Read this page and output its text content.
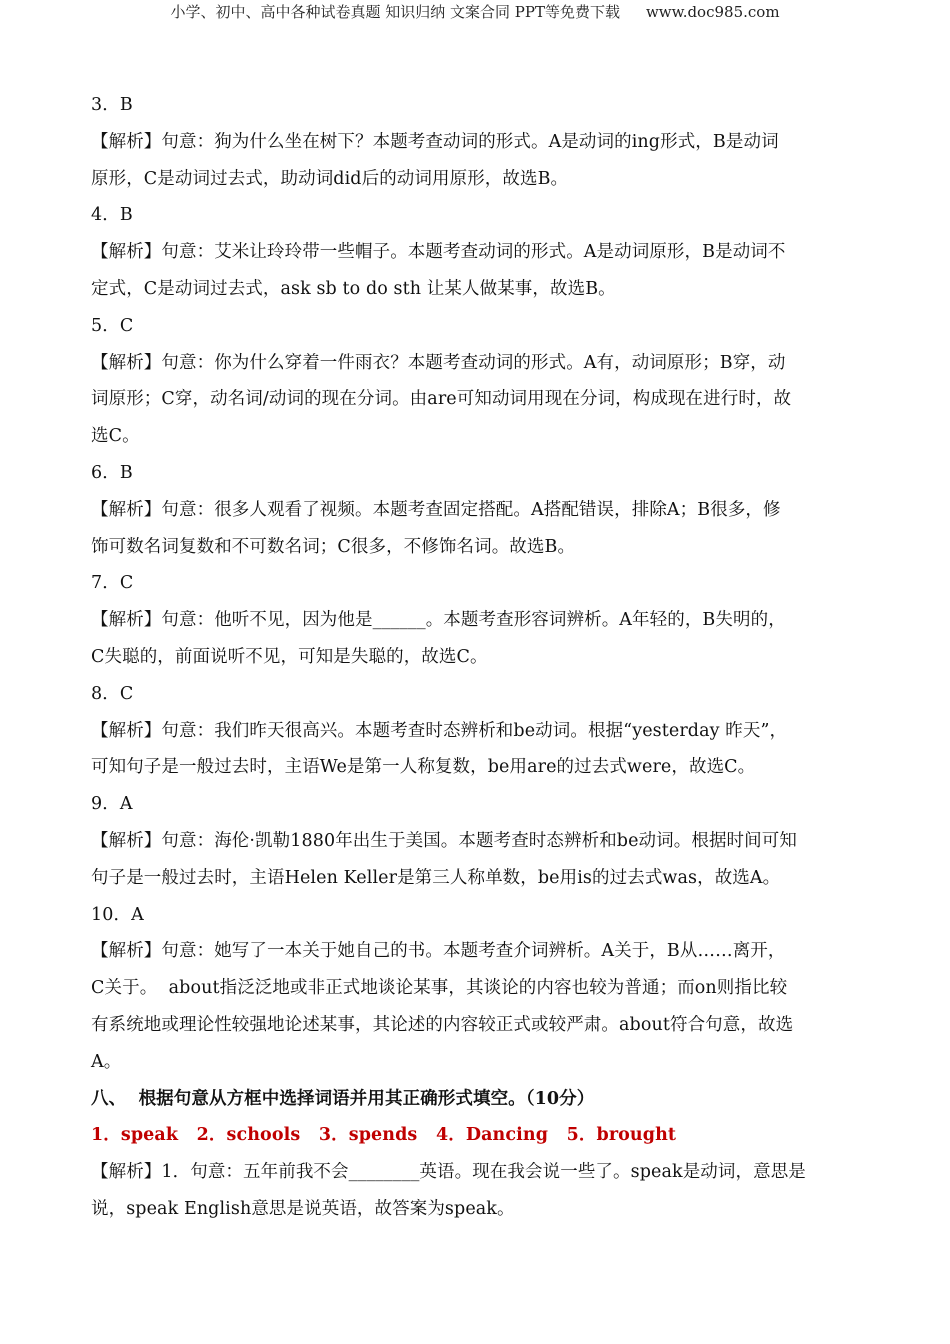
小学、初中、高中各种试卷真题 知识归纳 文案合同 PPT等免费下载 www.doc985.com
3．B
【解析】句意：狗为什么坐在树下？本题考查动词的形式。A是动词的ing形式，B是动词
原形，C是动词过去式，助动词did后的动词用原形，故选B。
4．B
【解析】句意：艾米让玲玲带一些帽子。本题考查动词的形式。A是动词原形，B是动词不
定式，C是动词过去式，ask sb to do sth 让某人做某事，故选B。
5．C
【解析】句意：你为什么穿着一件雨衣？本题考查动词的形式。A有，动词原形；B穿，动
词原形；C穿，动名词/动词的现在分词。由are可知动词用现在分词，构成现在进行时，故
选C。
6．B
【解析】句意：很多人观看了视频。本题考查固定搭配。A搭配错误，排除A；B很多，修
饰可数名词复数和不可数名词；C很多，不修饰名词。故选B。
7．C
【解析】句意：他听不见，因为他是______。本题考查形容词辨析。A年轻的，B失明的，
C失聪的，前面说听不见，可知是失聪的，故选C。
8．C
【解析】句意：我们昨天很高兴。本题考查时态辨析和be动词。根据“yesterday 昨天”，
可知句子是一般过去时，主语We是第一人称复数，be用are的过去式were，故选C。
9．A
【解析】句意：海伦·凯勒1880年出生于美国。本题考查时态辨析和be动词。根据时间可知
句子是一般过去时，主语Helen Keller是第三人称单数，be用is的过去式was，故选A。
10．A
【解析】句意：她写了一本关于她自己的书。本题考查介词辨析。A关于，B从……离开，
C关于。  about指泛泛地或非正式地谈论某事，其谈论的内容也较为普通；而on则指比较
有系统地或理论性较强地论述某事，其论述的内容较正式或较严肃。about符合句意，故选
A。
八、  根据句意从方框中选择词语并用其正确形式填空。（10分）
1．speak   2．schools   3．spends   4．Dancing   5．brought
【解析】1．句意：五年前我不会________英语。现在我会说一些了。speak是动词，意思是
说，speak English意思是说英语，故答案为speak。
